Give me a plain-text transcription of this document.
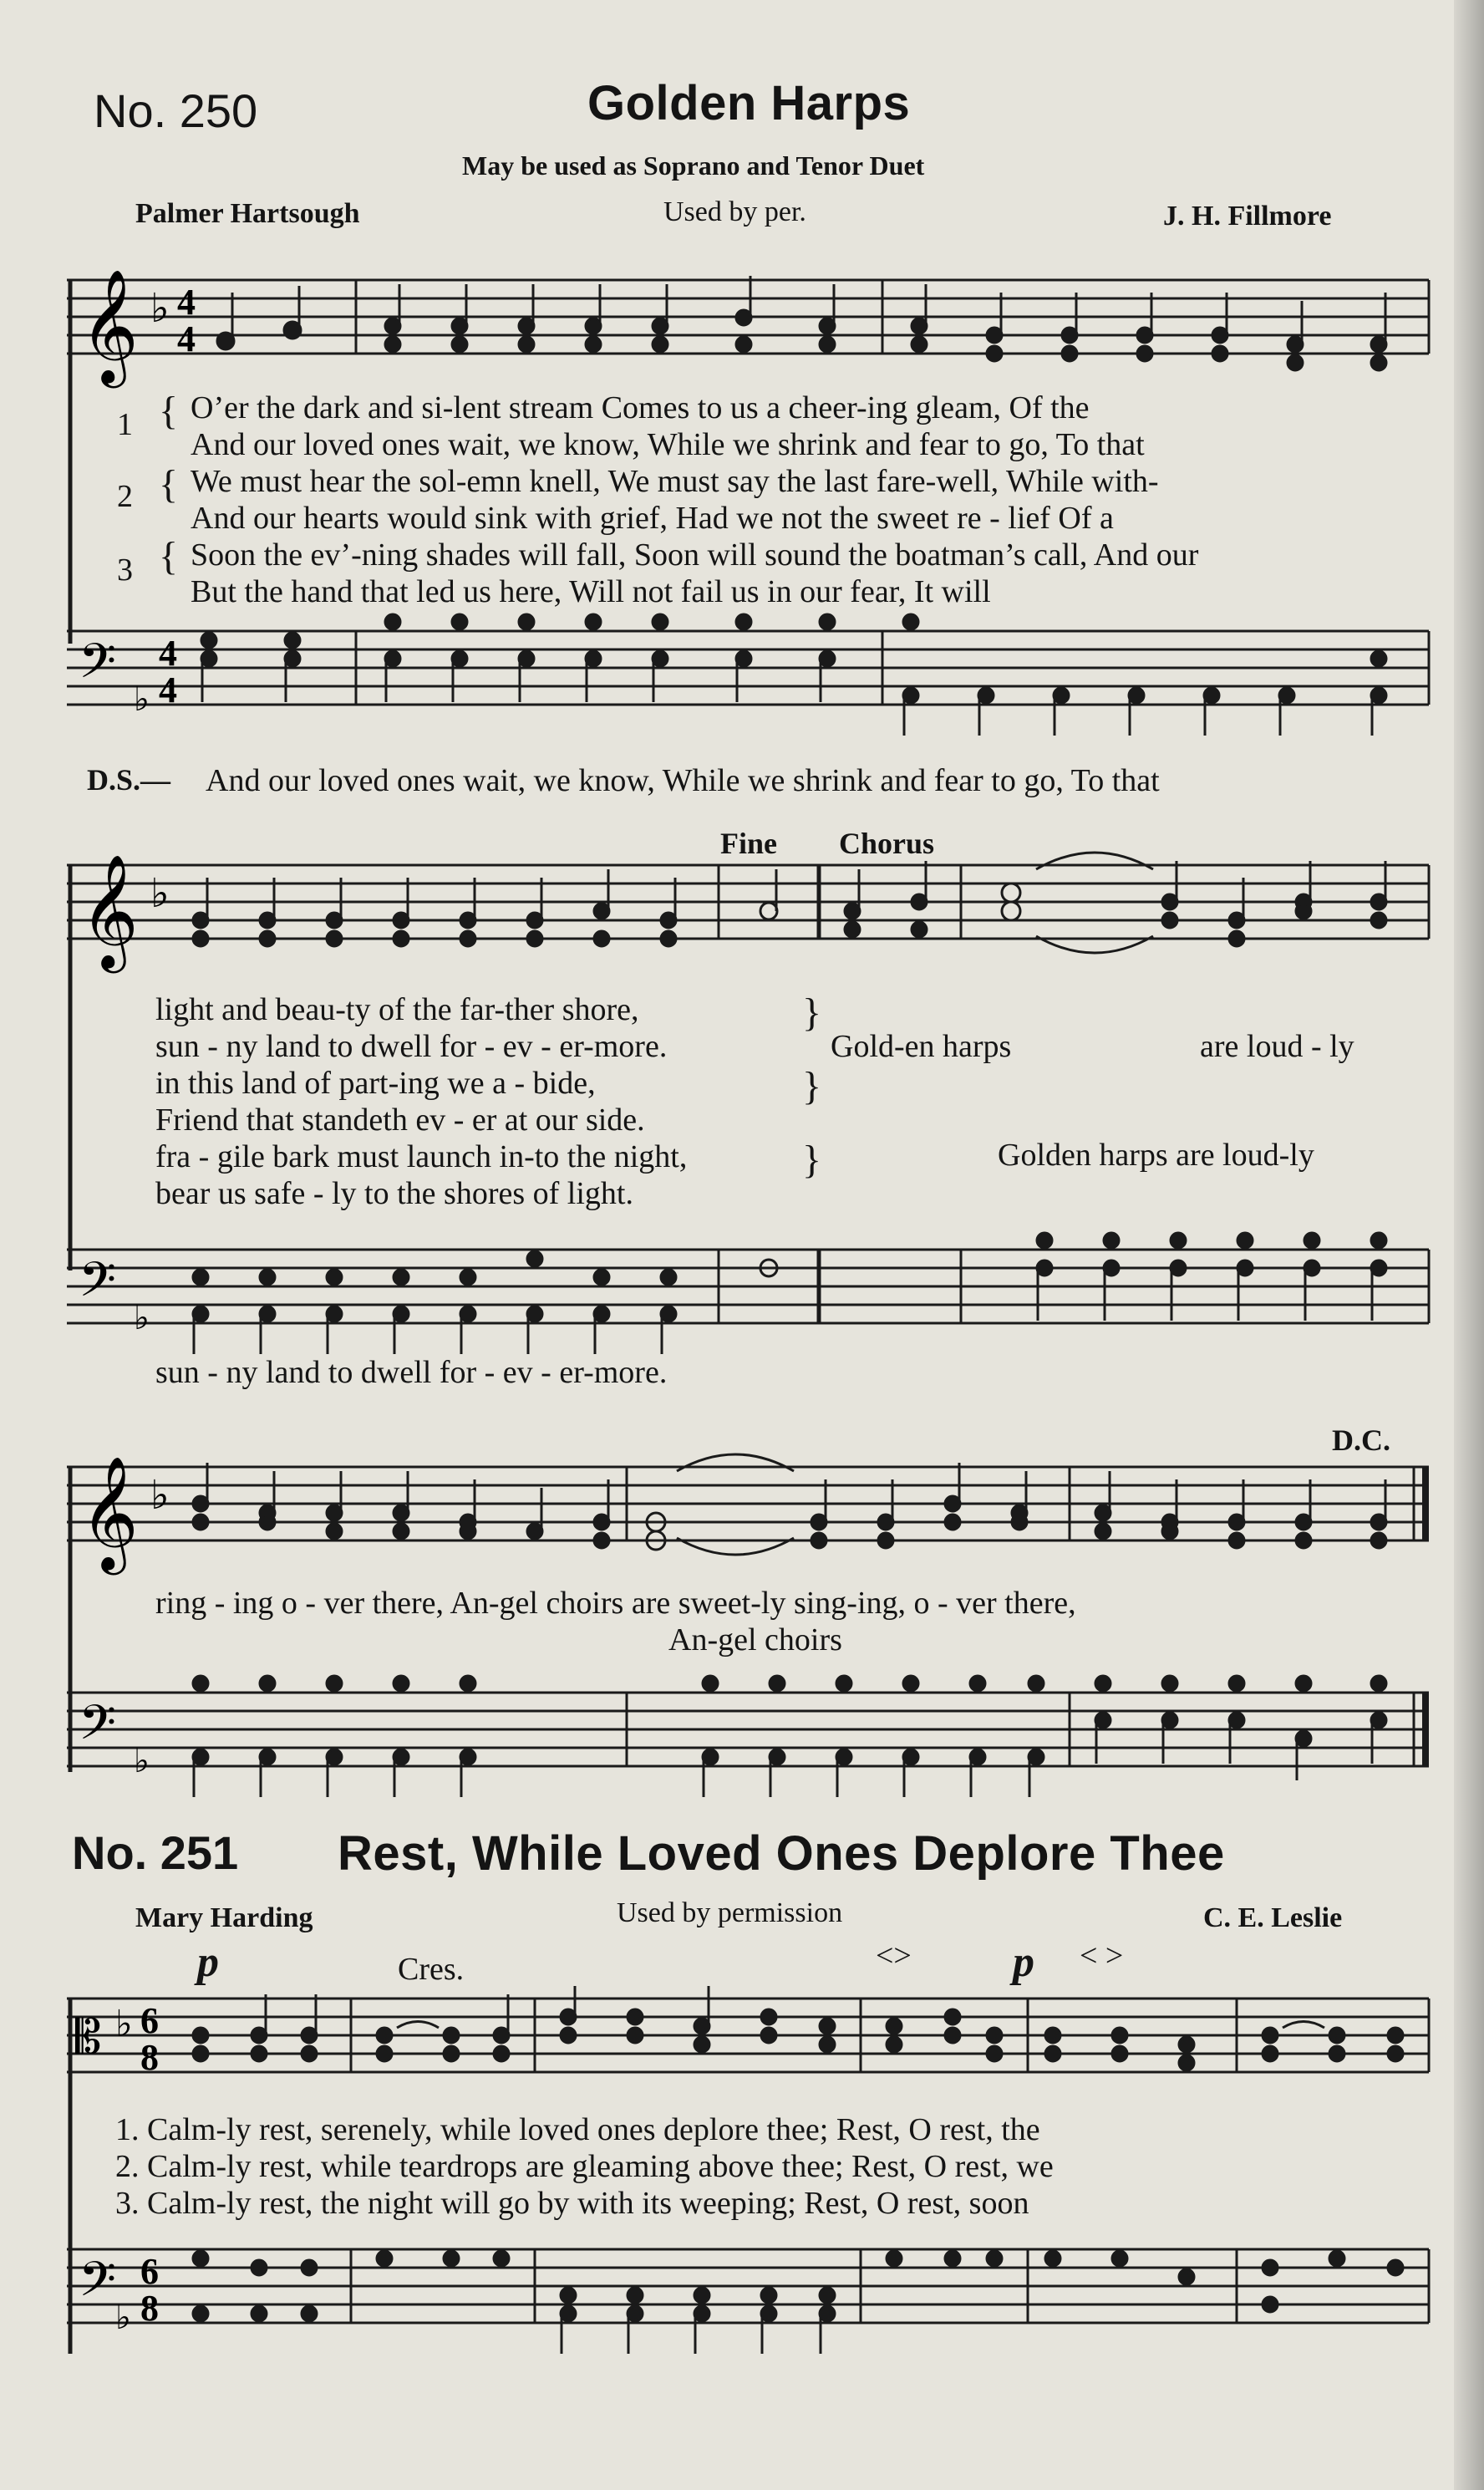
No. 250	Golden Harps
May be used as Soprano and Tenor Duet
Palmer Hartsough	Used by per.	J. H. Fillmore
𝄞 ♭ 4
4
1
2
3
{
{
{
O’er the dark and si-lent stream Comes to us a cheer-ing gleam, Of the
And our loved ones wait, we know, While we shrink and fear to go, To that
We must hear the sol-emn knell, We must say the last fare-well, While with-
And our hearts would sink with grief, Had we not the sweet re - lief Of a
Soon the ev’-ning shades will fall, Soon will sound the boatman’s call, And our
But the hand that led us here, Will not fail us in our fear, It will
𝄢 ♭
4
4
D.S.— And our loved ones wait, we know, While we shrink and fear to go, To that
Fine Chorus
𝄞 ♭
light and beau-ty of the far-ther shore,
sun - ny land to dwell for - ev - er-more.
in this land of part-ing we a - bide,
Friend that standeth ev - er at our side.
fra - gile bark must launch in-to the night,
bear us safe - ly to the shores of light.
}
}
}
Gold-en harps	are loud - ly
Golden harps are loud-ly
𝄢 ♭
sun - ny land to dwell for - ev - er-more.
D.C.
𝄞 ♭
ring - ing o - ver there, An-gel choirs are sweet-ly sing-ing, o - ver there,
An-gel choirs
𝄢 ♭
No. 251 Rest, While Loved Ones Deplore Thee
Mary Harding	Used by permission	C. E. Leslie
p	Cres.	<> p < >
𝄡 ♭ 6
8
1. Calm-ly rest, serenely, while loved ones deplore thee; Rest, O rest, the
2. Calm-ly rest, while teardrops are gleaming above thee; Rest, O rest, we
3. Calm-ly rest, the night will go by with its weeping; Rest, O rest, soon
𝄢
♭
6
8
